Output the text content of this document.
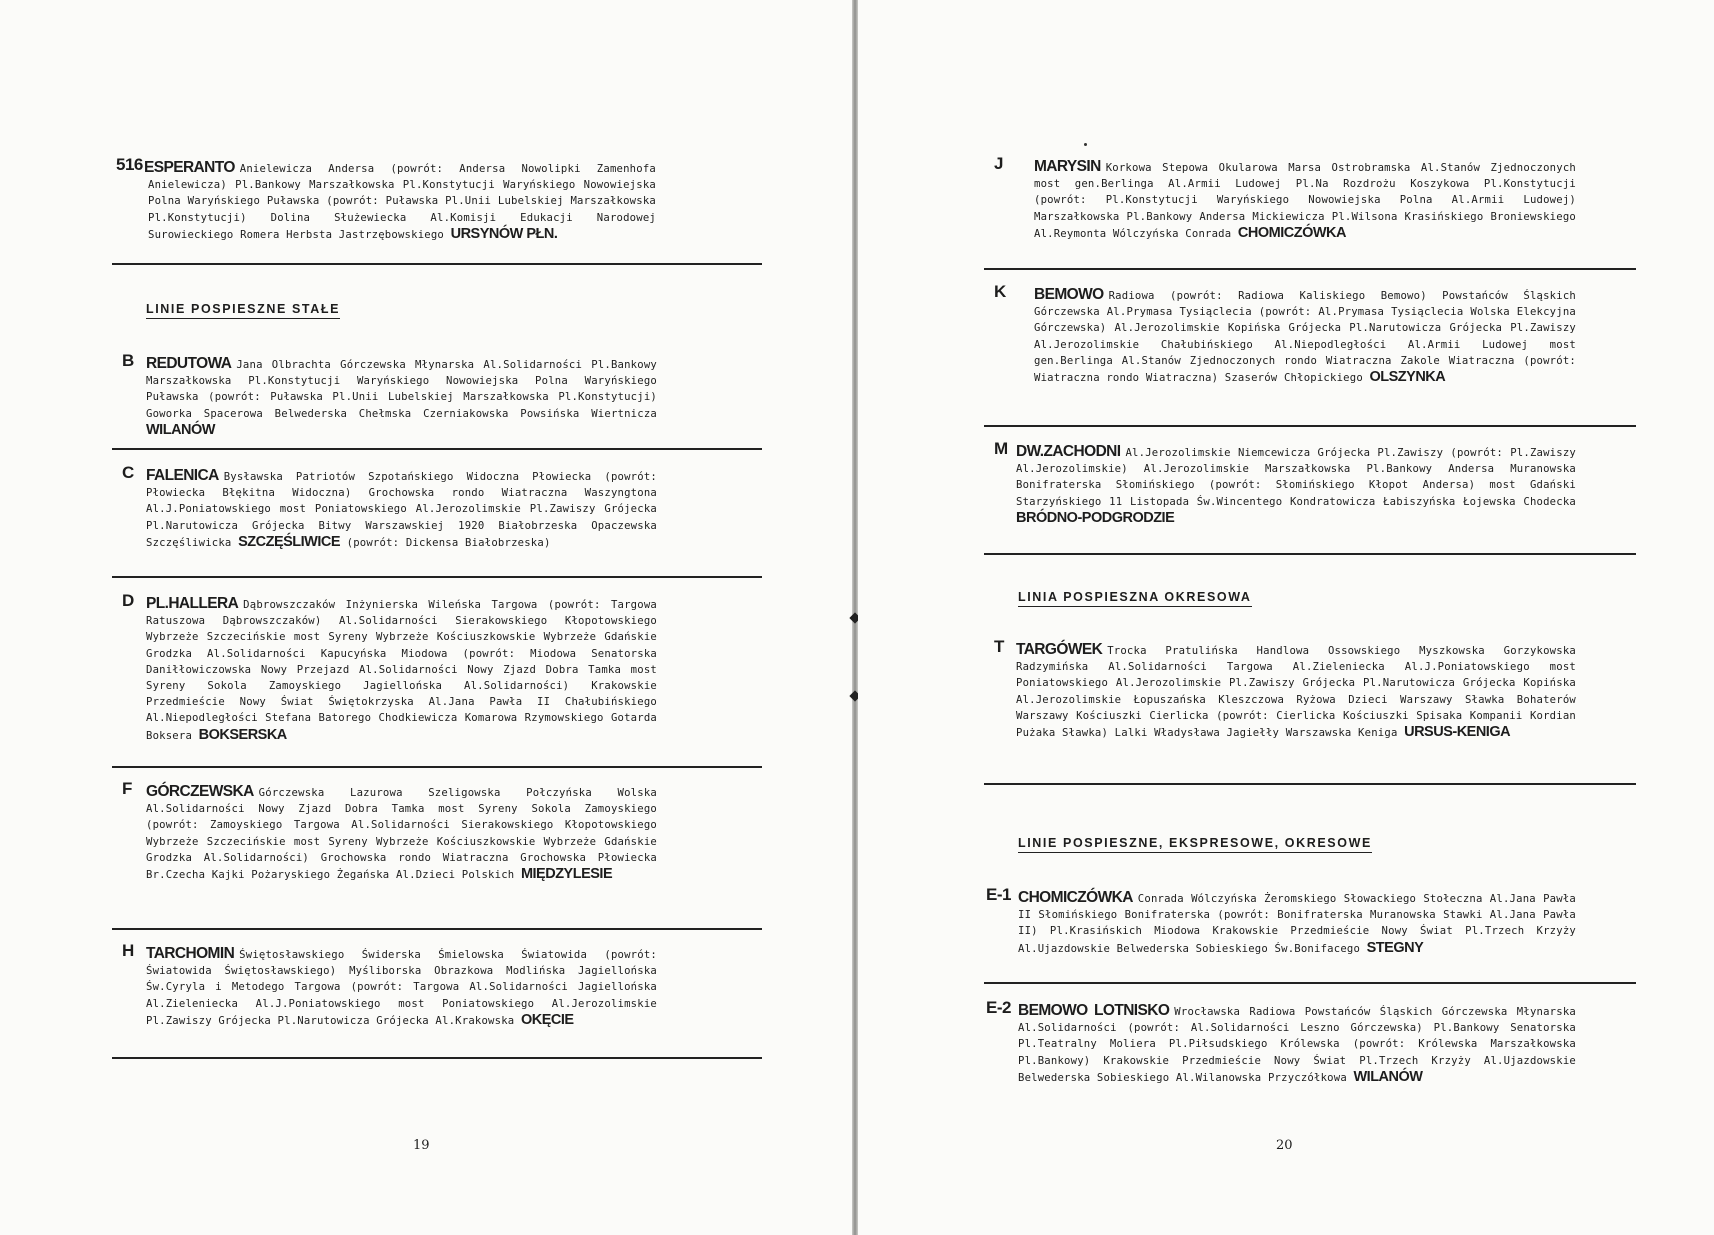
516 ESPERANTO Anielewicza Andersa (powrót: Andersa Nowolipki Zamenhofa Anielewicza) Pl.Bankowy Marszałkowska Pl.Konstytucji Waryńskiego Nowowiejska Polna Waryńskiego Puławska (powrót: Puławska Pl.Unii Lubelskiej Marszałkowska Pl.Konstytucji) Dolina Służewiecka Al.Komisji Edukacji Narodowej Surowieckiego Romera Herbsta Jastrzębowskiego URSYNÓW PŁN.

LINIE POSPIESZNE STAŁE
B REDUTOWA Jana Olbrachta Górczewska Młynarska Al.Solidarności Pl.Bankowy Marszałkowska Pl.Konstytucji Waryńskiego Nowowiejska Polna Waryńskiego Puławska (powrót: Puławska Pl.Unii Lubelskiej Marszałkowska Pl.Konstytucji) Goworka Spacerowa Belwederska Chełmska Czerniakowska Powsińska Wiertnicza WILANÓW

C FALENICA Bysławska Patriotów Szpotańskiego Widoczna Płowiecka (powrót: Płowiecka Błękitna Widoczna) Grochowska rondo Wiatraczna Waszyngtona Al.J.Poniatowskiego most Poniatowskiego Al.Jerozolimskie Pl.Zawiszy Grójecka Pl.Narutowicza Grójecka Bitwy Warszawskiej 1920 Białobrzeska Opaczewska Szczęśliwicka SZCZĘŚLIWICE (powrót: Dickensa Białobrzeska)

D PL.HALLERA Dąbrowszczaków Inżynierska Wileńska Targowa (powrót: Targowa Ratuszowa Dąbrowszczaków) Al.Solidarności Sierakowskiego Kłopotowskiego Wybrzeże Szczecińskie most Syreny Wybrzeże Kościuszkowskie Wybrzeże Gdańskie Grodzka Al.Solidarności Kapucyńska Miodowa (powrót: Miodowa Senatorska Daniłłowiczowska Nowy Przejazd Al.Solidarności Nowy Zjazd Dobra Tamka most Syreny Sokola Zamoyskiego Jagiellońska Al.Solidarności) Krakowskie Przedmieście Nowy Świat Świętokrzyska Al.Jana Pawła II Chałubińskiego Al.Niepodległości Stefana Batorego Chodkiewicza Komarowa Rzymowskiego Gotarda Boksera BOKSERSKA

F GÓRCZEWSKA Górczewska Lazurowa Szeligowska Połczyńska Wolska Al.Solidarności Nowy Zjazd Dobra Tamka most Syreny Sokola Zamoyskiego (powrót: Zamoyskiego Targowa Al.Solidarności Sierakowskiego Kłopotowskiego Wybrzeże Szczecińskie most Syreny Wybrzeże Kościuszkowskie Wybrzeże Gdańskie Grodzka Al.Solidarności) Grochowska rondo Wiatraczna Grochowska Płowiecka Br.Czecha Kajki Pożaryskiego Żegańska Al.Dzieci Polskich MIĘDZYLESIE

H TARCHOMIN Świętosławskiego Świderska Śmielowska Światowida (powrót: Światowida Świętosławskiego) Myśliborska Obrazkowa Modlińska Jagiellońska Św.Cyryla i Metodego Targowa (powrót: Targowa Al.Solidarności Jagiellońska Al.Zieleniecka Al.J.Poniatowskiego most Poniatowskiego Al.Jerozolimskie Pl.Zawiszy Grójecka Pl.Narutowicza Grójecka Al.Krakowska OKĘCIE

19
J	MARYSIN Korkowa Stepowa Okularowa Marsa Ostrobramska Al.Stanów Zjednoczonych most gen.Berlinga Al.Armii Ludowej Pl.Na Rozdrożu Koszykowa Pl.Konstytucji (powrót: Pl.Konstytucji Waryńskiego Nowowiejska Polna Al.Armii Ludowej) Marszałkowska Pl.Bankowy Andersa Mickiewicza Pl.Wilsona Krasińskiego Broniewskiego Al.Reymonta Wólczyńska Conrada CHOMICZÓWKA

K	BEMOWO Radiowa (powrót: Radiowa Kaliskiego Bemowo) Powstańców Śląskich Górczewska Al.Prymasa Tysiąclecia (powrót: Al.Prymasa Tysiąclecia Wolska Elekcyjna Górczewska) Al.Jerozolimskie Kopińska Grójecka Pl.Narutowicza Grójecka Pl.Zawiszy Al.Jerozolimskie Chałubińskiego Al.Niepodległości Al.Armii Ludowej most gen.Berlinga Al.Stanów Zjednoczonych rondo Wiatraczna Zakole Wiatraczna (powrót: Wiatraczna rondo Wiatraczna) Szaserów Chłopickiego OLSZYNKA

M DW.ZACHODNI Al.Jerozolimskie Niemcewicza Grójecka Pl.Zawiszy (powrót: Pl.Zawiszy Al.Jerozolimskie) Al.Jerozolimskie Marszałkowska Pl.Bankowy Andersa Muranowska Bonifraterska Słomińskiego (powrót: Słomińskiego Kłopot Andersa) most Gdański Starzyńskiego 11 Listopada Św.Wincentego Kondratowicza Łabiszyńska Łojewska Chodecka BRÓDNO-PODGRODZIE

LINIA POSPIESZNA OKRESOWA
T TARGÓWEK Trocka Pratulińska Handlowa Ossowskiego Myszkowska Gorzykowska Radzymińska Al.Solidarności Targowa Al.Zieleniecka Al.J.Poniatowskiego most Poniatowskiego Al.Jerozolimskie Pl.Zawiszy Grójecka Pl.Narutowicza Grójecka Kopińska Al.Jerozolimskie Łopuszańska Kleszczowa Ryżowa Dzieci Warszawy Sławka Bohaterów Warszawy Kościuszki Cierlicka (powrót: Cierlicka Kościuszki Spisaka Kompanii Kordian Pużaka Sławka) Lalki Władysława Jagiełły Warszawska Keniga URSUS-KENIGA

LINIE POSPIESZNE, EKSPRESOWE, OKRESOWE
E-1 CHOMICZÓWKA Conrada Wólczyńska Żeromskiego Słowackiego Stołeczna Al.Jana Pawła II Słomińskiego Bonifraterska (powrót: Bonifraterska Muranowska Stawki Al.Jana Pawła II) Pl.Krasińskich Miodowa Krakowskie Przedmieście Nowy Świat Pl.Trzech Krzyży Al.Ujazdowskie Belwederska Sobieskiego Św.Bonifacego STEGNY

E-2 BEMOWO LOTNISKO Wrocławska Radiowa Powstańców Śląskich Górczewska Młynarska Al.Solidarności (powrót: Al.Solidarności Leszno Górczewska) Pl.Bankowy Senatorska Pl.Teatralny Moliera Pl.Piłsudskiego Królewska (powrót: Królewska Marszałkowska Pl.Bankowy) Krakowskie Przedmieście Nowy Świat Pl.Trzech Krzyży Al.Ujazdowskie Belwederska Sobieskiego Al.Wilanowska Przyczółkowa WILANÓW

20
